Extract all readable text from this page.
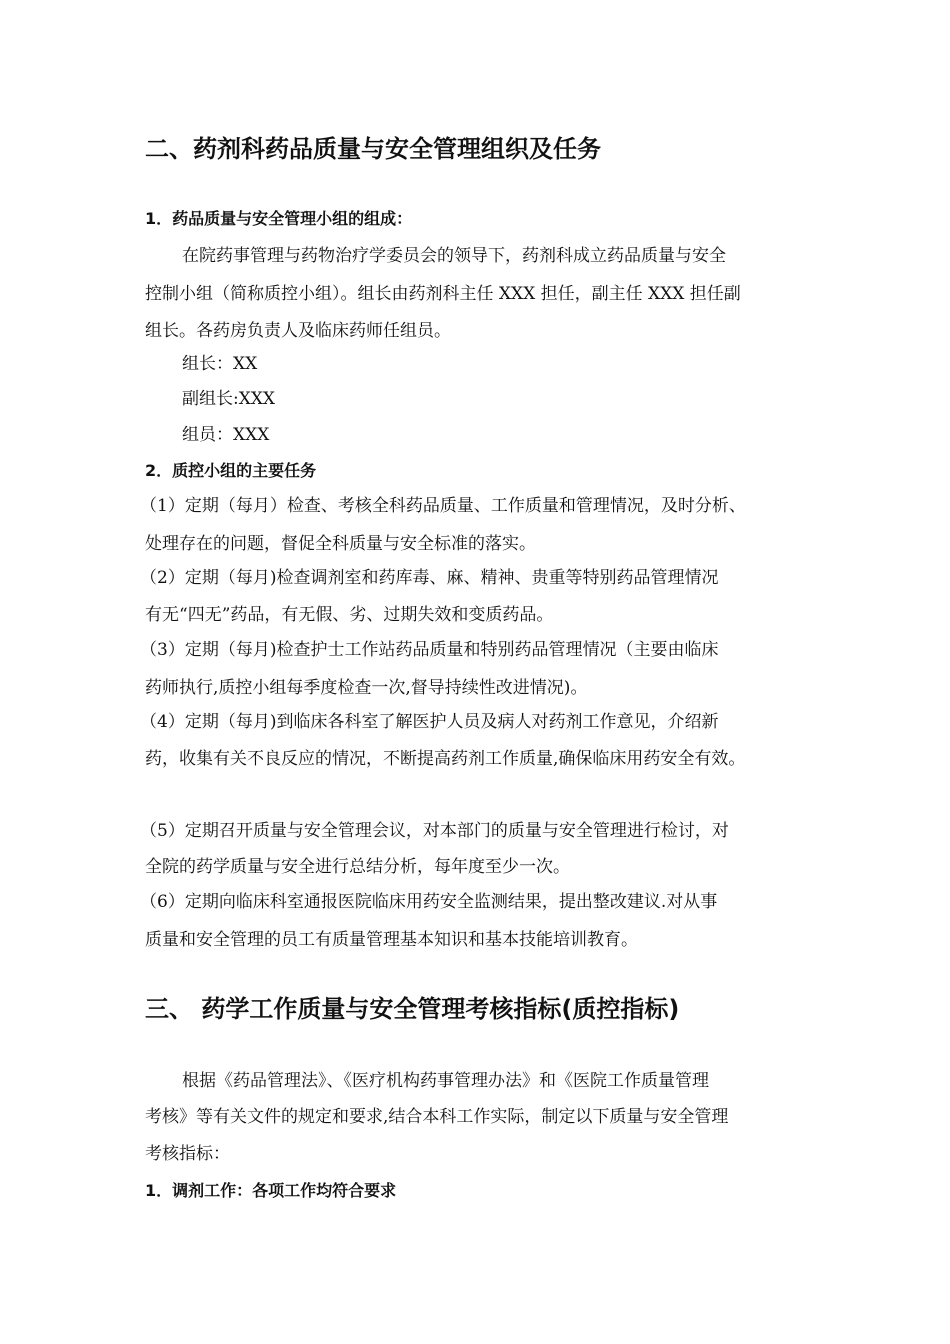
二、药剂科药品质量与安全管理组织及任务
1．药品质量与安全管理小组的组成：
在院药事管理与药物治疗学委员会的领导下，药剂科成立药品质量与安全
控制小组（简称质控小组）。组长由药剂科主任 XXX 担任，副主任 XXX 担任副
组长。各药房负责人及临床药师任组员。
组长：XX
副组长:XXX
组员：XXX
2．质控小组的主要任务
（1）定期（每月）检查、考核全科药品质量、工作质量和管理情况，及时分析、
处理存在的问题，督促全科质量与安全标准的落实。
（2）定期（每月)检查调剂室和药库毒、麻、精神、贵重等特别药品管理情况
有无“四无”药品，有无假、劣、过期失效和变质药品。
（3）定期（每月)检查护士工作站药品质量和特别药品管理情况（主要由临床
药师执行,质控小组每季度检查一次,督导持续性改进情况)。
（4）定期（每月)到临床各科室了解医护人员及病人对药剂工作意见，介绍新
药，收集有关不良反应的情况，不断提高药剂工作质量,确保临床用药安全有效。
（5）定期召开质量与安全管理会议，对本部门的质量与安全管理进行检讨，对
全院的药学质量与安全进行总结分析，每年度至少一次。
（6）定期向临床科室通报医院临床用药安全监测结果，提出整改建议.对从事
质量和安全管理的员工有质量管理基本知识和基本技能培训教育。
三、 药学工作质量与安全管理考核指标(质控指标)
根据《药品管理法》、《医疗机构药事管理办法》和《医院工作质量管理
考核》等有关文件的规定和要求,结合本科工作实际，制定以下质量与安全管理
考核指标：
1．调剂工作：各项工作均符合要求
